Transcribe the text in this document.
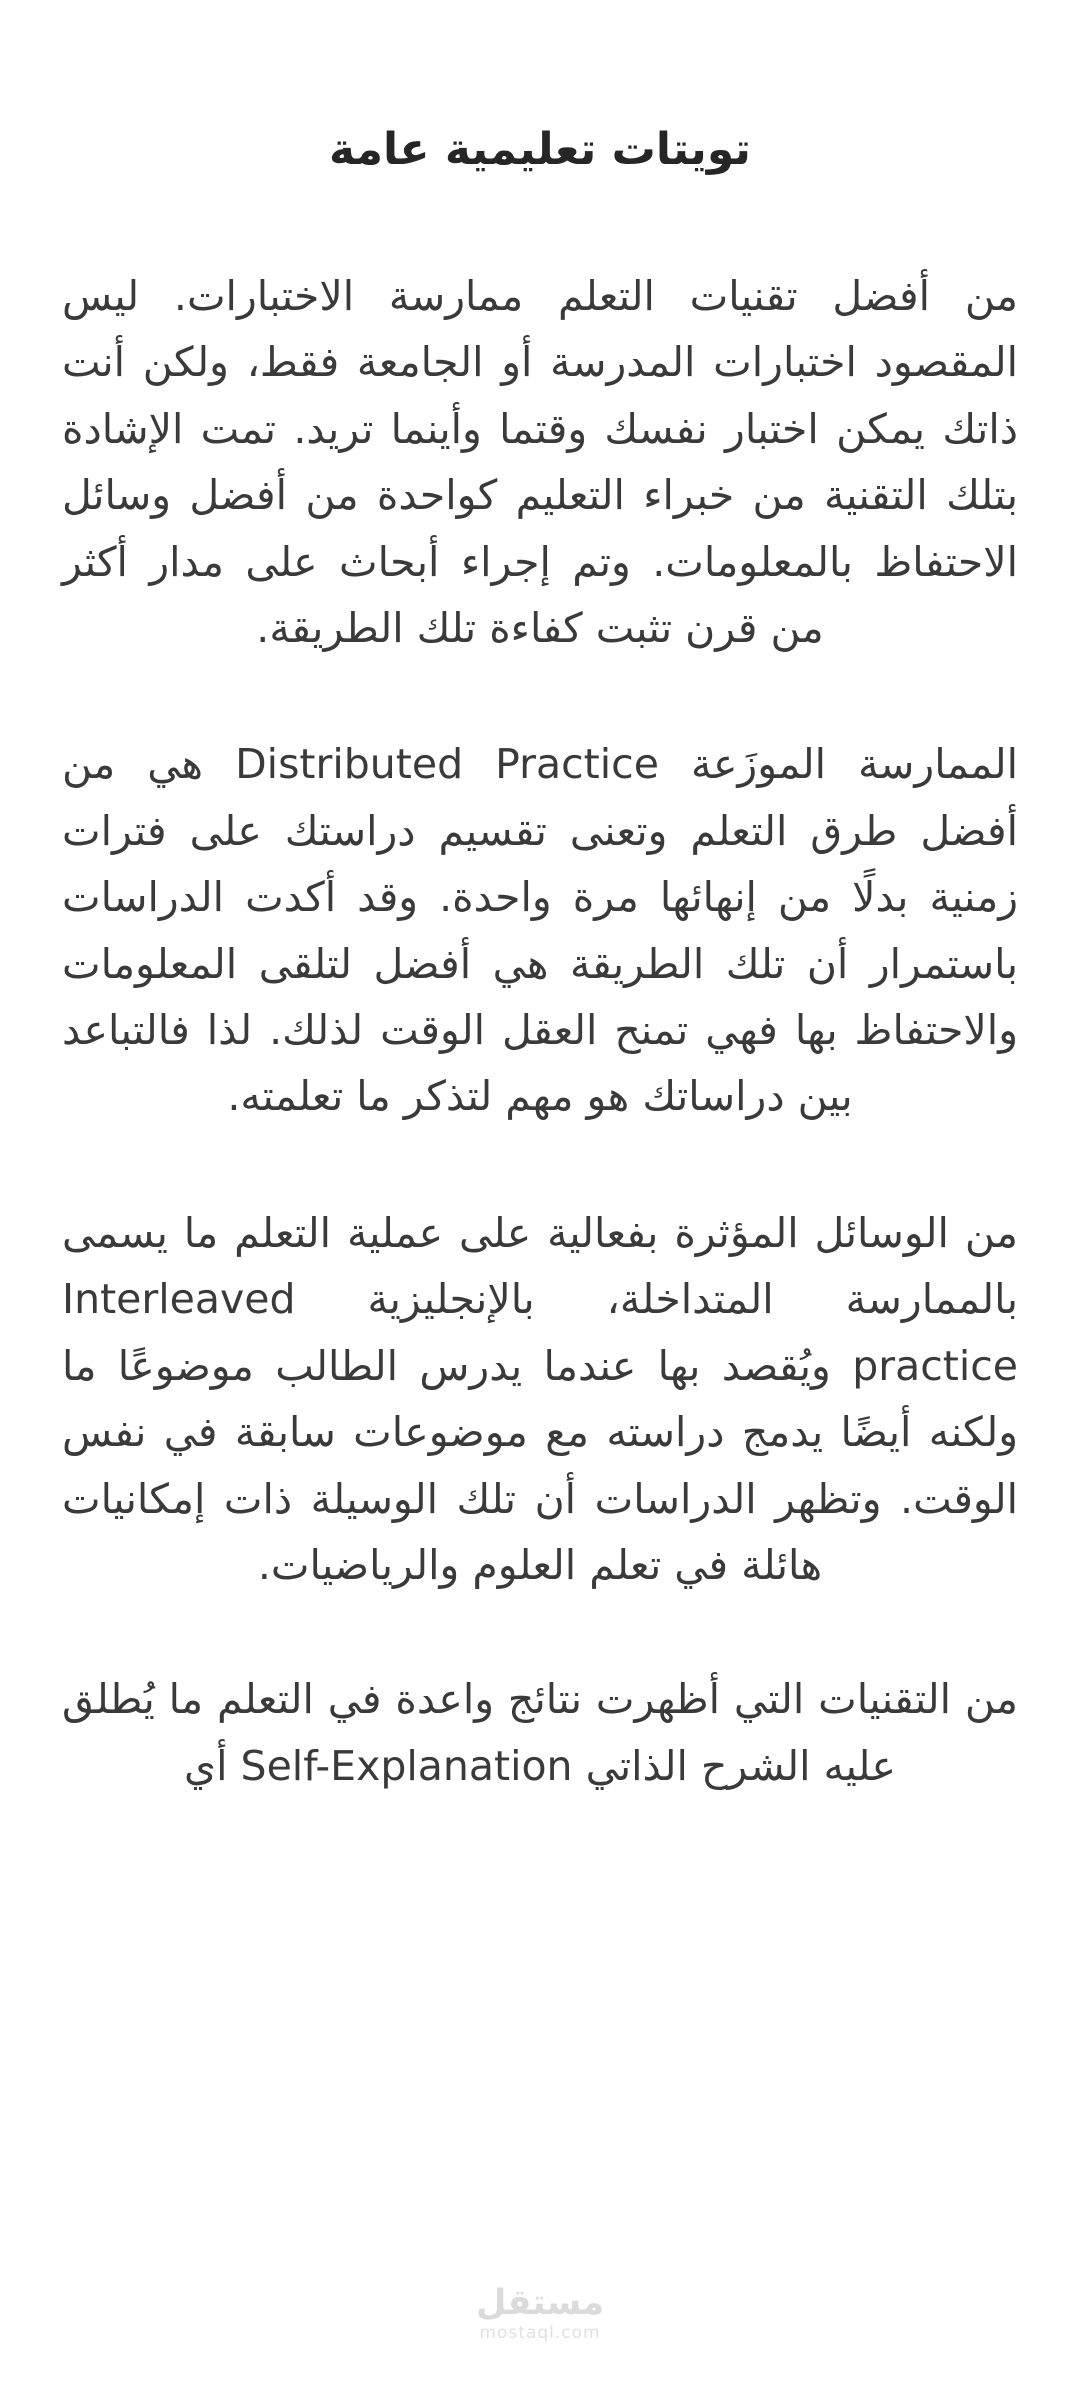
تويتات تعليمية عامة

من أفضل تقنيات التعلم ممارسة الاختبارات. ليس المقصود اختبارات المدرسة أو الجامعة فقط، ولكن أنت ذاتك يمكن اختبار نفسك وقتما وأينما تريد. تمت الإشادة بتلك التقنية من خبراء التعليم كواحدة من أفضل وسائل الاحتفاظ بالمعلومات. وتم إجراء أبحاث على مدار أكثر من قرن تثبت كفاءة تلك الطريقة.

الممارسة الموزَعة Distributed Practice هي من أفضل طرق التعلم وتعنى تقسيم دراستك على فترات زمنية بدلًا من إنهائها مرة واحدة. وقد أكدت الدراسات باستمرار أن تلك الطريقة هي أفضل لتلقى المعلومات والاحتفاظ بها فهي تمنح العقل الوقت لذلك. لذا فالتباعد بين دراساتك هو مهم لتذكر ما تعلمته.

من الوسائل المؤثرة بفعالية على عملية التعلم ما يسمى بالممارسة المتداخلة، بالإنجليزية Interleaved practice ويُقصد بها عندما يدرس الطالب موضوعًا ما ولكنه أيضًا يدمج دراسته مع موضوعات سابقة في نفس الوقت. وتظهر الدراسات أن تلك الوسيلة ذات إمكانيات هائلة في تعلم العلوم والرياضيات.

من التقنيات التي أظهرت نتائج واعدة في التعلم ما يُطلق عليه الشرح الذاتي Self-Explanation أي

مستقل
mostaql.com
